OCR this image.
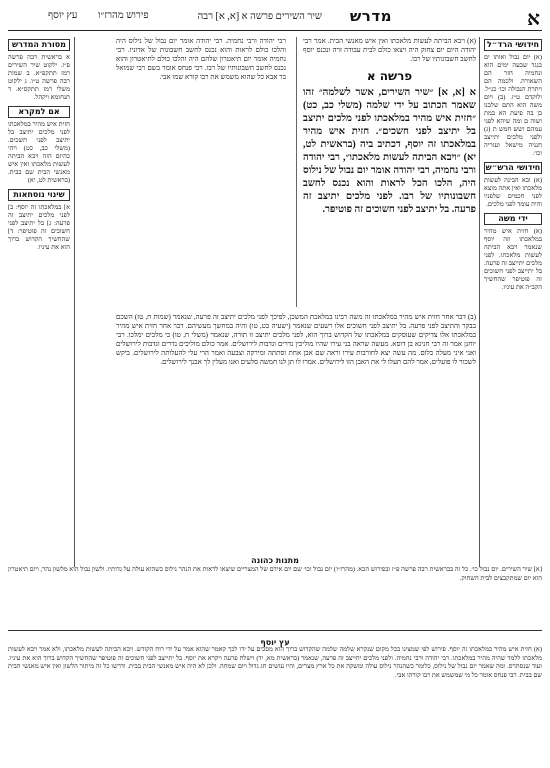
א
מדרש
שיר השירים פרשה א [א, א] רבה
פירוש מהרז״ו
עץ יוסף
חידושי הרד״ל
(א) יום נבול ואותו ים כנגד שבעה ימים הוא ונחמיה חזר הם השאורה. ולכמה הם ויתרת הנבולה וכו׳ כנ״ל. ולוקדם ט״ז. (ב) ויום משה הוא התם שלבנו בן בה פיעת הא במת ושוה ם ומה שיהא לפני עמהם ושש חמש ת (ג) ולפני מלכים יתייצב חנניה מישאל ועזריה וכו׳.
חידושי הרש״ש
(א) ובא הבינה לעשות מלאכתו ואין אתה מוצא לפני חכמים שלפניו והיה עומד לפני מלכים.
ידי משה
(א) חזית איש מהיר במלאכתו וזה יוסף שנאמר ויבא הביתה לעשות מלאכתו. לפני מלכים יתייצב זה פרעה. בל יתייצב לפני חשוכים זה פוטיפר שהחשיך הקב״ה את עיניו.
(א) ויבא הביתה לעשות מלאכתו ואין איש מאנשי הבית. אמר רבי יהודה היום יום צחוק היה ויצאו כולם לבית עבודה זרה ונכנס יוסף לחשב חשבונותיו של רבו.
פרשה א
א [א, א] ״שיר השירים, אשר לשלמה״ זהו שאמר הכתוב על ידי שלמה (משלי כב, כט) ״חזית איש מהיר במלאכתו לפני מלכים יתיצב בל יתיצב לפני חשכים״. חזית איש מהיר במלאכתו זה יוסף, דכתיב ביה (בראשית לט, יא) ״ויבא הביתה לעשות מלאכתו״, רבי יהודה ורבי נחמיה, רבי יהודה אומר יום נבול של נילוס היה, הלכו הכל לראות והוא נכנס לחשב חשבונותיו של רבו. לפני מלכים יתיצב זה פרעה. בל יתיצב לפני חשוכים זה פוטיפר.
רבי יהודה ורבי נחמיה. רבי יהודה אומר יום נבול של נילוס היה והלכו כולם לראות והוא נכנס לחשב חשבונות של אדוניו. רבי נחמיה אומר יום תיאטרון שלהם היה והלכו כולם לתיאטרון והוא נכנס לחשב חשבונותיו של רבו. רבי פנחס אומר בשם רבי שמואל בר אבא כל שהוא משמש את רבו קורא שמו אבי.
(ב) דבר אחר חזית איש מהיר במלאכתו זה משה רבינו במלאכת המשכן, לפיכך לפני מלכים יתיצב זה פרעה, שנאמר (שמות ח, טז) השכם בבקר והתיצב לפני פרעה. בל יתיצב לפני חשוכים אלו רשעים שנאמר (ישעיה כט, טו) והיה במחשך מעשיהם. דבר אחר חזית איש מהיר במלאכתו אלו צדיקים שעוסקים במלאכתו של הקדוש ברוך הוא, לפני מלכים יתיצב זו תורה, שנאמר (משלי ח, טו) בי מלכים ימלכו. רבי יוחנן אמר זה רבי חנינא בן דוסא. מעשה שראה בני עירו שהיו מוליכין נדרים ונדבות לירושלים. אמר כולם מוליכים נדרים ונדבות לירושלים ואני איני מעלה כלום. מה עשה יצא לחורבות עירו וראה שם אבן אחת וסתתה ומירקה וצבעה ואמר הרי עלי להעלותה לירושלים. ביקש לשכור לו פועלים, אמר להם תעלו לי את האבן הזו לירושלים. אמרו לו תן לנו חמשה סלעים ואנו מעלין לך אבנך לירושלים.
מסורת המדרש
א בראשית רבה פרשה פ״ז. ילקוט שיר השירים רמז תתקפ״א. ב שמות רבה פרשה ט״ו. ג ילקוט משלי רמז תתקס״א. ד תנחומא ויקהל.
אם למקרא
חזית איש מהיר במלאכתו לפני מלכים יתיצב בל יתיצב לפני חשכים. (משלי כב, כט) ויהי כהיום הזה ויבא הביתה לעשות מלאכתו ואין איש מאנשי הבית שם בבית. (בראשית לט, יא)
שינוי נוסחאות
א] במלאכתו זה יוסף: ב] לפני מלכים יתיצב זה פרעה: ג] בל יתיצב לפני חשוכים זה פוטיפר: ד] שהחשיך הקדוש ברוך הוא את עיניו.
מתנות כהונה
[א] שיר השירים. יום נבול כו׳. כל זה בבראשית רבה פרשה פ״ז ובפירוש הכא. (מהרז״ו) יום נבול וכו׳ שם יום אידם של המצריים שיצאו לראות את הנהר נילוס כשהוא עולה על גדותיו. ולשון נבול הוא מלשון נהר, ויום תיאטרון הוא יום שמתקבצים לבית השחוק.
עץ יוסף
(א) חזית איש מהיר במלאכתו זה יוסף. פירוש לפי שמצינו בכל מקום שנקרא שלמה שלמה שהקדוש ברוך הוא מסכים על ידו לכך קאמר שהוא אמר על ידי רוח הקודש. ויבא הביתה לעשות מלאכתו, ולא אמר ויבא לעשות מלאכתו ללמד שהיה מהיר במלאכתו. רבי יהודה ורבי נחמיה. ולפני מלכים יתייצב זה פרעה, שנאמר (בראשית מא, יד) וישלח פרעה ויקרא את יוסף. בל יתייצב לפני חשוכים זה פוטיפר שהחשיך הקדוש ברוך הוא את עיניו. ועוד שנסתרס. ומה שאמר יום נבול של נילוס, כלומר כשהנהר נילוס עולה ומשקה את כל ארץ מצרים, והיו עושים חג גדול ויום שמחה. ולכן לא היה איש מאנשי הבית בבית. ודרשו כל זה מיתור הלשון ואין איש מאנשי הבית שם בבית. רבי פנחס אומר כל מי שמשמש את רבו קורהו אבי.
